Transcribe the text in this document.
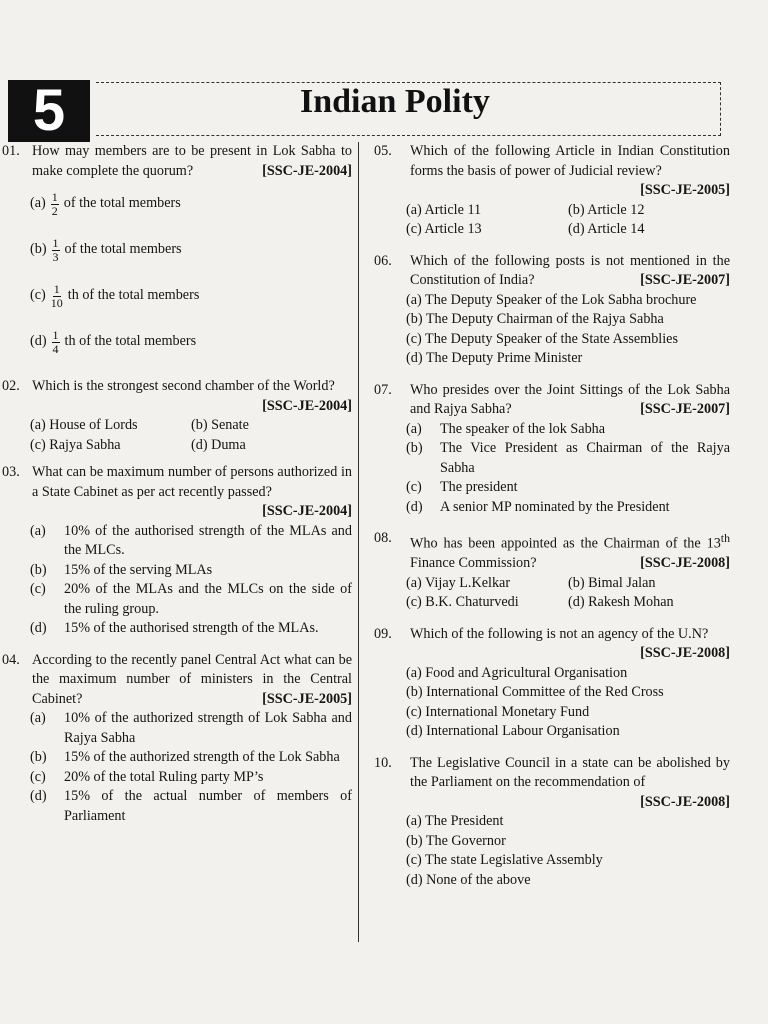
5	Indian Polity
01. How may members are to be present in Lok Sabha to make complete the quorum?	[SSC-JE-2004]
$(a) \frac{1}{2}$ of the total members
$(b) \frac{1}{3}$ of the total members
$(c) \frac{1}{10}$ th of the total members
$(d) \frac{1}{4}$ th of the total members
02. Which is the strongest second chamber of the World?
[SSC-JE-2004]
(a) House of Lords	(b) Senate
(c) Rajya Sabha	(d) Duma
03. What can be maximum number of persons authorized in a State Cabinet as per act recently passed?
[SSC-JE-2004]
(a)	10% of the authorised strength of the MLAs and the MLCs.
(b)	15% of the serving MLAs
(c)	20% of the MLAs and the MLCs on the side of the ruling group.
(d)	15% of the authorised strength of the MLAs.
04. According to the recently panel Central Act what can be the maximum number of ministers in the Central Cabinet?	[SSC-JE-2005]
(a)	10% of the authorized strength of Lok Sabha and Rajya Sabha
(b)	15% of the authorized strength of the Lok Sabha
(c)	20% of the total Ruling party MP’s
(d)	15% of the actual number of members of Parliament
05.	Which of the following Article in Indian Constitution forms the basis of power of Judicial review?
[SSC-JE-2005]
(a) Article 11	(b) Article 12
(c) Article 13	(d) Article 14
06.	Which of the following posts is not mentioned in the Constitution of India?	[SSC-JE-2007]
(a) The Deputy Speaker of the Lok Sabha brochure
(b) The Deputy Chairman of the Rajya Sabha
(c) The Deputy Speaker of the State Assemblies
(d) The Deputy Prime Minister
07.	Who presides over the Joint Sittings of the Lok Sabha and Rajya Sabha?	[SSC-JE-2007]
(a)	The speaker of the lok Sabha
(b)	The Vice President as Chairman of the Rajya Sabha
(c)	The president
(d)	A senior MP nominated by the President
08.	Who has been appointed as the Chairman of the 13th Finance Commission?	[SSC-JE-2008]
(a) Vijay L.Kelkar	(b) Bimal Jalan
(c) B.K. Chaturvedi	(d) Rakesh Mohan
09.	Which of the following is not an agency of the U.N?
[SSC-JE-2008]
(a) Food and Agricultural Organisation
(b) International Committee of the Red Cross
(c) International Monetary Fund
(d) International Labour Organisation
10.	The Legislative Council in a state can be abolished by the Parliament on the recommendation of
[SSC-JE-2008]
(a) The President
(b) The Governor
(c) The state Legislative Assembly
(d) None of the above
